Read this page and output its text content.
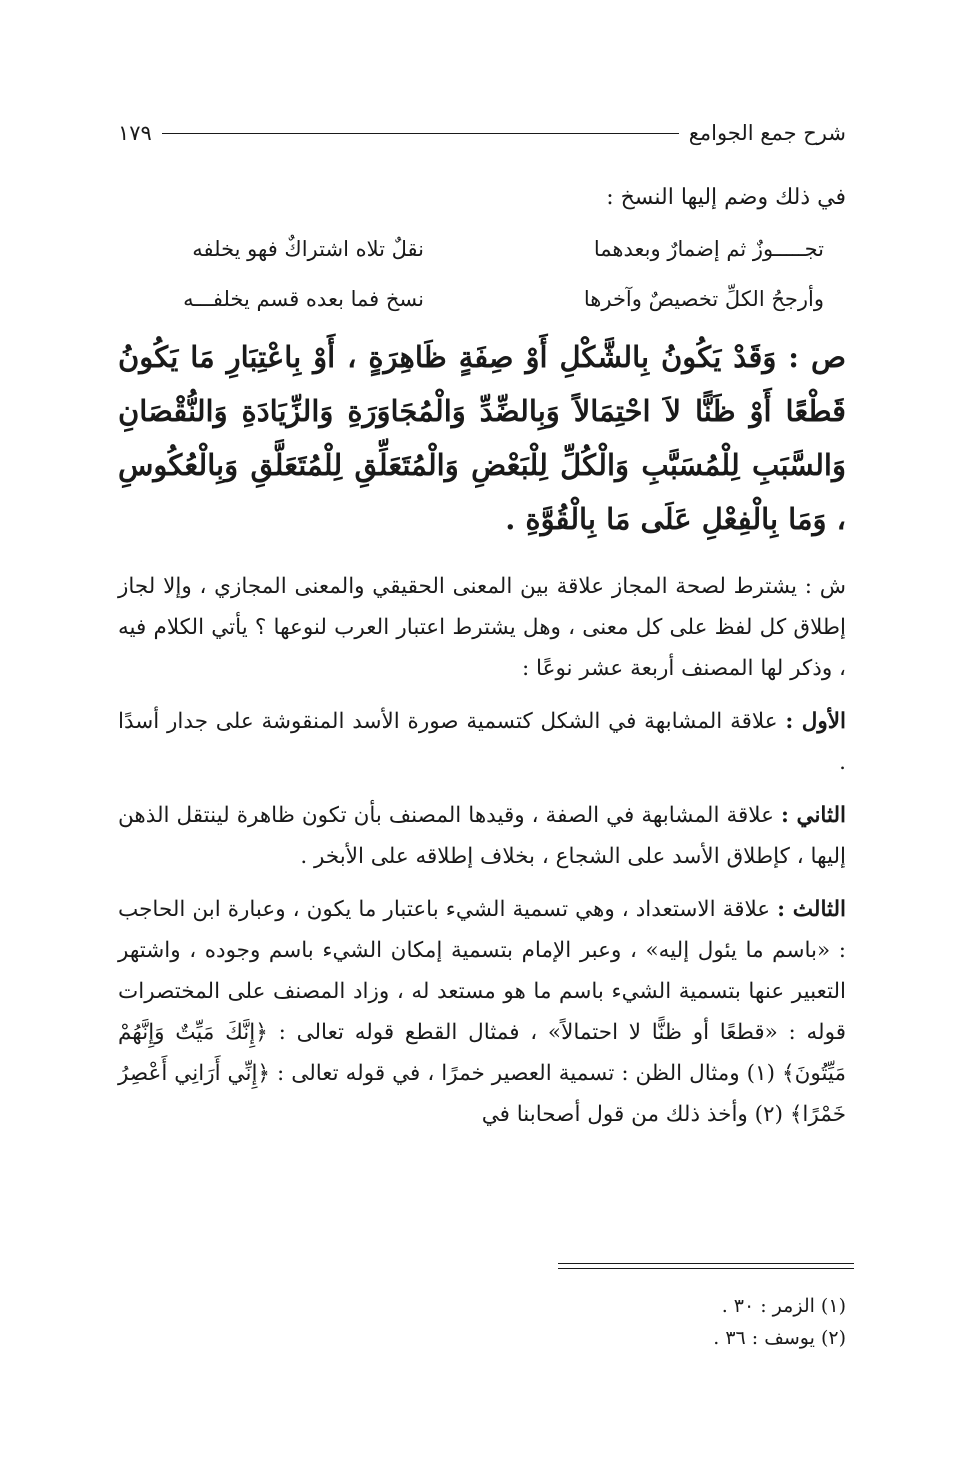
شرح جمع الجوامع
١٧٩
في ذلك وضم إليها النسخ :
تجـــــوزٌ ثم إضمارٌ وبعدهما
نقلٌ تلاه اشتراكٌ فهو يخلفه
وأرجحُ الكلِّ تخصيصٌ وآخرها
نسخ فما بعده قسم يخلفـــه
ص : وَقَدْ يَكُونُ بِالشَّكْلِ أَوْ صِفَةٍ ظَاهِرَةٍ ، أَوْ بِاعْتِبَارِ مَا يَكُونُ قَطْعًا أَوْ ظَنًّا لاَ احْتِمَالاً وَبِالضِّدِّ وَالْمُجَاوَرَةِ وَالزِّيَادَةِ وَالنُّقْصَانِ وَالسَّبَبِ لِلْمُسَبَّبِ وَالْكُلِّ لِلْبَعْضِ وَالْمُتَعَلِّقِ لِلْمُتَعَلَّقِ وَبِالْعُكُوسِ ، وَمَا بِالْفِعْلِ عَلَى مَا بِالْقُوَّةِ .
ش : يشترط لصحة المجاز علاقة بين المعنى الحقيقي والمعنى المجازي ، وإلا لجاز إطلاق كل لفظ على كل معنى ، وهل يشترط اعتبار العرب لنوعها ؟ يأتي الكلام فيه ، وذكر لها المصنف أربعة عشر نوعًا :
الأول : علاقة المشابهة في الشكل كتسمية صورة الأسد المنقوشة على جدار أسدًا .
الثاني : علاقة المشابهة في الصفة ، وقيدها المصنف بأن تكون ظاهرة لينتقل الذهن إليها ، كإطلاق الأسد على الشجاع ، بخلاف إطلاقه على الأبخر .
الثالث : علاقة الاستعداد ، وهي تسمية الشيء باعتبار ما يكون ، وعبارة ابن الحاجب : «باسم ما يئول إليه» ، وعبر الإمام بتسمية إمكان الشيء باسم وجوده ، واشتهر التعبير عنها بتسمية الشيء باسم ما هو مستعد له ، وزاد المصنف على المختصرات قوله : «قطعًا أو ظنًّا لا احتمالاً» ، فمثال القطع قوله تعالى : ﴿إِنَّكَ مَيِّتٌ وَإِنَّهُمْ مَيِّتُونَ﴾ (١) ومثال الظن : تسمية العصير خمرًا ، في قوله تعالى : ﴿إِنِّي أَرَانِي أَعْصِرُ خَمْرًا﴾ (٢) وأخذ ذلك من قول أصحابنا في
(١) الزمر : ٣٠ .
(٢) يوسف : ٣٦ .
